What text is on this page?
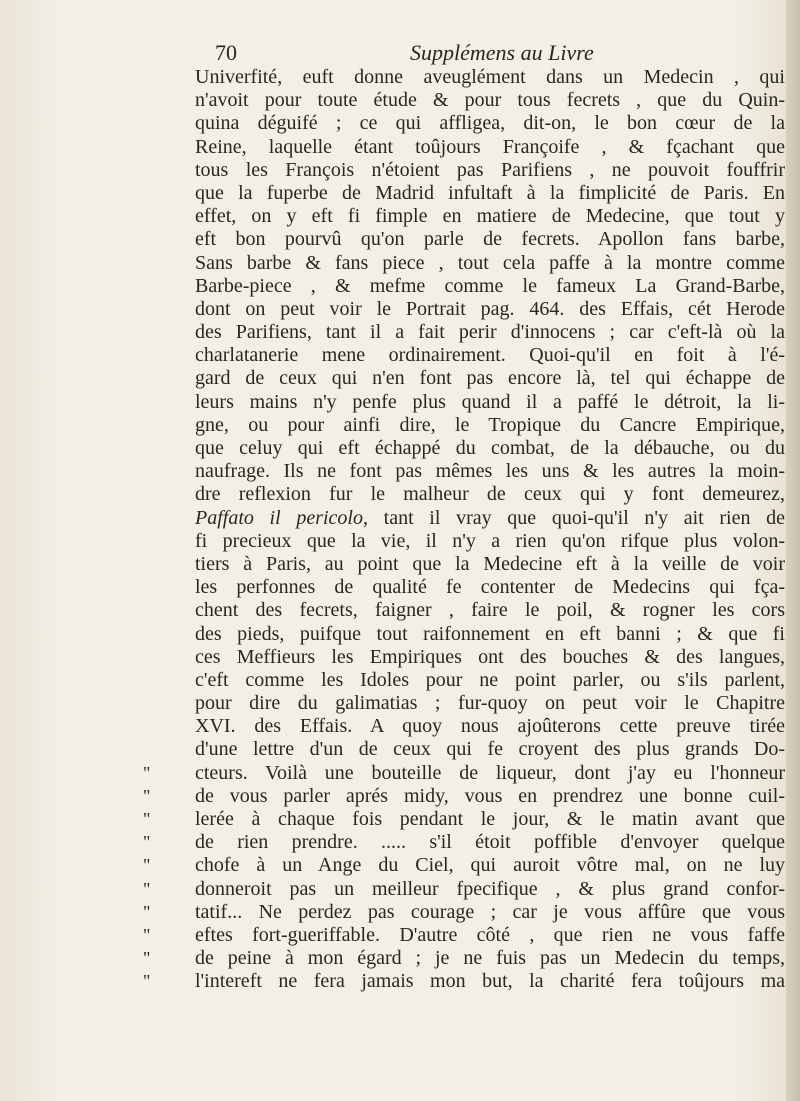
70	Supplémens au Livre
Univerfité, euft donne aveuglément dans un Medecin , qui
n'avoit pour toute étude & pour tous fecrets , que du Quin-
quina déguifé ; ce qui affligea, dit-on, le bon cœur de la
Reine, laquelle étant toûjours Françoife , & fçachant que
tous les François n'étoient pas Parifiens , ne pouvoit fouffrir
que la fuperbe de Madrid infultaft à la fimplicité de Paris. En
effet, on y eft fi fimple en matiere de Medecine, que tout y
eft bon pourvû qu'on parle de fecrets. Apollon fans barbe,
Sans barbe & fans piece , tout cela paffe à la montre comme
Barbe-piece , & mefme comme le fameux La Grand-Barbe,
dont on peut voir le Portrait pag. 464. des Effais, cét Herode
des Parifiens, tant il a fait perir d'innocens ; car c'eft-là où la
charlatanerie mene ordinairement. Quoi-qu'il en foit à l'é-
gard de ceux qui n'en font pas encore là, tel qui échappe de
leurs mains n'y penfe plus quand il a paffé le détroit, la li-
gne, ou pour ainfi dire, le Tropique du Cancre Empirique,
que celuy qui eft échappé du combat, de la débauche, ou du
naufrage. Ils ne font pas mêmes les uns & les autres la moin-
dre reflexion fur le malheur de ceux qui y font demeurez,
Paffato il pericolo, tant il vray que quoi-qu'il n'y ait rien de
fi precieux que la vie, il n'y a rien qu'on rifque plus volon-
tiers à Paris, au point que la Medecine eft à la veille de voir
les perfonnes de qualité fe contenter de Medecins qui fça-
chent des fecrets, faigner , faire le poil, & rogner les cors
des pieds, puifque tout raifonnement en eft banni ; & que fi
ces Meffieurs les Empiriques ont des bouches & des langues,
c'eft comme les Idoles pour ne point parler, ou s'ils parlent,
pour dire du galimatias ; fur-quoy on peut voir le Chapitre
XVI. des Effais. A quoy nous ajoûterons cette preuve tirée
d'une lettre d'un de ceux qui fe croyent des plus grands Do-
" cteurs. Voilà une bouteille de liqueur, dont j'ay eu l'honneur
" de vous parler aprés midy, vous en prendrez une bonne cuil-
" lerée à chaque fois pendant le jour, & le matin avant que
" de rien prendre. ..... s'il étoit poffible d'envoyer quelque
" chofe à un Ange du Ciel, qui auroit vôtre mal, on ne luy
" donneroit pas un meilleur fpecifique , & plus grand confor-
" tatif... Ne perdez pas courage ; car je vous affûre que vous
" eftes fort-gueriffable. D'autre côté , que rien ne vous faffe
" de peine à mon égard ; je ne fuis pas un Medecin du temps,
" l'intereft ne fera jamais mon but, la charité fera toûjours ma
